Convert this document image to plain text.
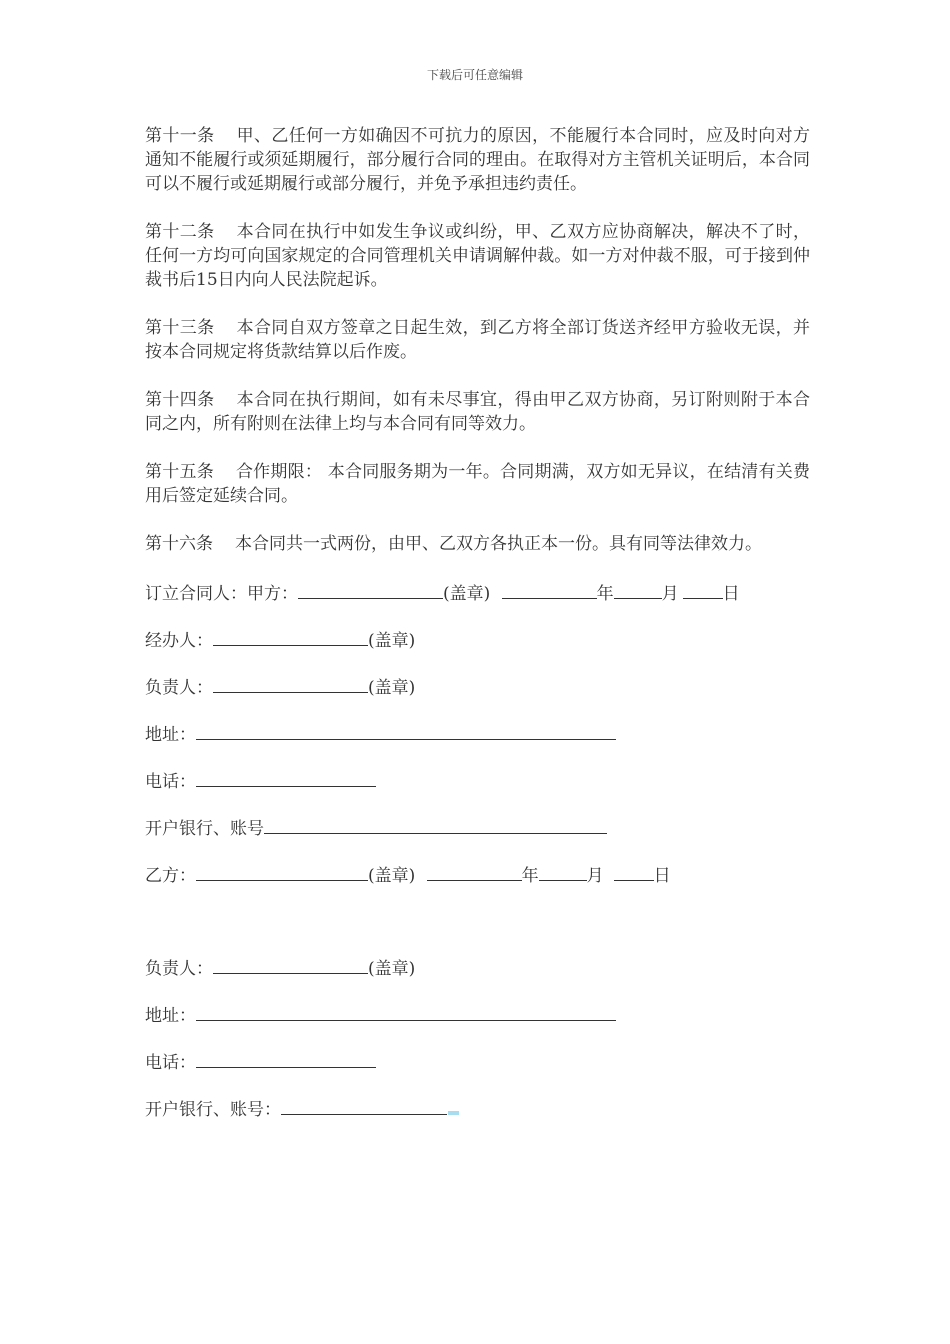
下载后可任意编辑

第十一条 甲、乙任何一方如确因不可抗力的原因，不能履行本合同时，应及时向对方通知不能履行或须延期履行，部分履行合同的理由。在取得对方主管机关证明后，本合同可以不履行或延期履行或部分履行，并免予承担违约责任。

第十二条 本合同在执行中如发生争议或纠纷，甲、乙双方应协商解决，解决不了时，任何一方均可向国家规定的合同管理机关申请调解仲裁。如一方对仲裁不服，可于接到仲裁书后15日内向人民法院起诉。

第十三条 本合同自双方签章之日起生效，到乙方将全部订货送齐经甲方验收无误，并按本合同规定将货款结算以后作废。

第十四条 本合同在执行期间，如有未尽事宜，得由甲乙双方协商，另订附则附于本合同之内，所有附则在法律上均与本合同有同等效力。

第十五条 合作期限： 本合同服务期为一年。合同期满，双方如无异议，在结清有关费用后签定延续合同。

第十六条 本合同共一式两份，由甲、乙双方各执正本一份。具有同等法律效力。

订立合同人：甲方：	(盖章)	年	月	日
经办人：	(盖章)
负责人：	(盖章)
地址：
电话：
开户银行、账号
乙方：	(盖章)	年	月	日
负责人：	(盖章)
地址：
电话：
开户银行、账号：
